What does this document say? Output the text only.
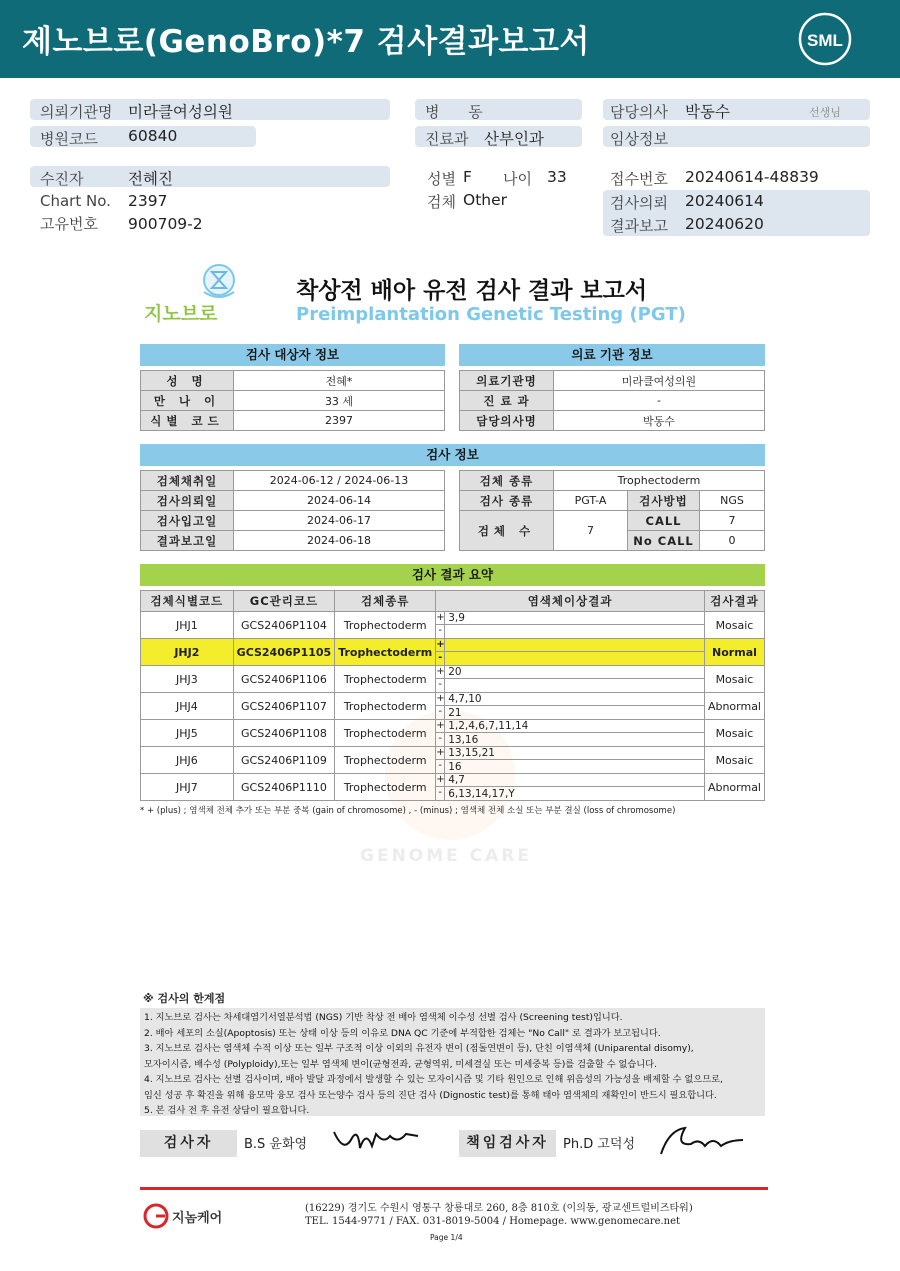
제노브로(GenoBro)*7 검사결과보고서	SML
의뢰기관명 미라클여성의원
병원코드 60840
병 동
진료과 산부인과
담당의사 박동수	선생님
임상정보
수진자	전혜진
Chart No. 2397
고유번호 900709-2
성별 F 나이 33
검체 Other
접수번호 20240614-48839
검사의뢰 20240614
결과보고 20240620
지노브로
착상전 배아 유전 검사 결과 보고서
Preimplantation Genetic Testing (PGT)
검사 대상자 정보
성 명	전혜*
만 나 이	33 세
식별 코드	2397
의료 기관 정보
의료기관명	미라클여성의원
진 료 과	-
담당의사명	박동수
검사 정보
검체채취일	2024-06-12 / 2024-06-13
검사의뢰일	2024-06-14
검사입고일	2024-06-17
결과보고일	2024-06-18
검체 종류	Trophectoderm		
검사 종류	PGT-A	검사방법	NGS
검체 수	7	CALL	7
		No CALL	0
GENOME CARE
검사 결과 요약
검체식별코드	GC관리코드	검체종류	염색체이상결과	검사결과
JHJ1	GCS2406P1104	Trophectoderm	+ 3,9
-	Mosaic
JHJ2	GCS2406P1105	Trophectoderm	+
-	Normal
JHJ3	GCS2406P1106	Trophectoderm	+ 20
-	Mosaic
JHJ4	GCS2406P1107	Trophectoderm	+ 4,7,10
- 21	Abnormal
JHJ5	GCS2406P1108	Trophectoderm	+ 1,2,4,6,7,11,14
- 13,16	Mosaic
JHJ6	GCS2406P1109	Trophectoderm	+ 13,15,21
- 16	Mosaic
JHJ7	GCS2406P1110	Trophectoderm	+ 4,7
- 6,13,14,17,Y	Abnormal
* + (plus) ; 염색체 전체 추가 또는 부분 중복 (gain of chromosome) , - (minus) ; 염색체 전체 소실 또는 부분 결실 (loss of chromosome)
※ 검사의 한계점
1. 지노브로 검사는 차세대염기서열분석법 (NGS) 기반 착상 전 배아 염색체 이수성 선별 검사 (Screening test)입니다.
2. 배아 세포의 소실(Apoptosis) 또는 상태 이상 등의 이유로 DNA QC 기준에 부적합한 검체는 "No Call" 로 결과가 보고됩니다.
3. 지노브로 검사는 염색체 수적 이상 또는 일부 구조적 이상 이외의 유전자 변이 (점돌연변이 등), 단친 이염색체 (Uniparental disomy),
모자이시즘, 배수성 (Polyploidy),또는 일부 염색체 변이(균형전좌, 균형역위, 미세결실 또는 미세중복 등)를 검출할 수 없습니다.
4. 지노브로 검사는 선별 검사이며, 배아 발달 과정에서 발생할 수 있는 모자이시즘 및 기타 원인으로 인해 위음성의 가능성을 배제할 수 없으므로,
임신 성공 후 확진을 위해 융모막 융모 검사 또는양수 검사 등의 진단 검사 (Dignostic test)를 통해 태아 염색체의 재확인이 반드시 필요합니다.
5. 본 검사 전 후 유전 상담이 필요합니다.
검사자	B.S 윤화영	책임검사자	Ph.D 고덕성
지놈케어
(16229) 경기도 수원시 영통구 창룡대로 260, 8층 810호 (이의동, 광교센트럴비즈타워)
TEL. 1544-9771 / FAX. 031-8019-5004 / Homepage. www.genomecare.net
Page 1/4
